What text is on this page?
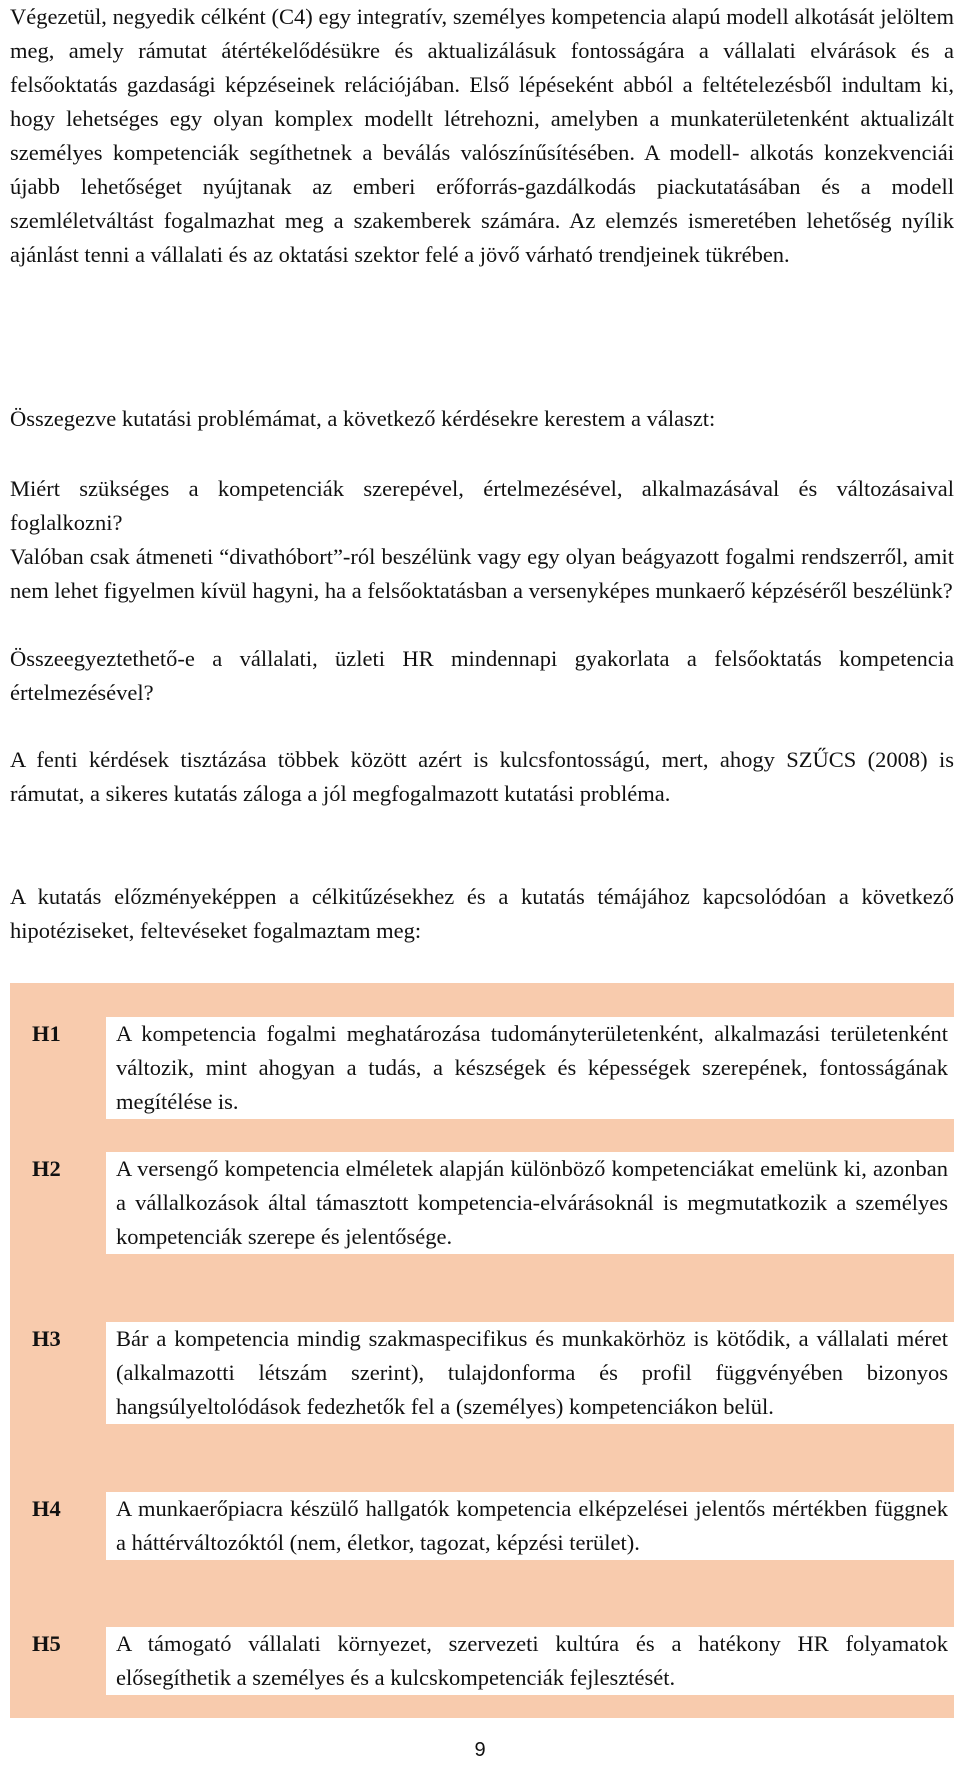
Végezetül, negyedik célként (C4) egy integratív, személyes kompetencia alapú modell alkotását jelöltem meg, amely rámutat átértékelődésükre és aktualizálásuk fontosságára a vállalati elvárások és a felsőoktatás gazdasági képzéseinek relációjában. Első lépéseként abból a feltételezésből indultam ki, hogy lehetséges egy olyan komplex modellt létrehozni, amelyben a munkaterületenként aktualizált személyes kompetenciák segíthetnek a beválás valószínűsítésében. A modell- alkotás konzekvenciái újabb lehetőséget nyújtanak az emberi erőforrás-gazdálkodás piackutatásában és a modell szemléletváltást fogalmazhat meg a szakemberek számára. Az elemzés ismeretében lehetőség nyílik ajánlást tenni a vállalati és az oktatási szektor felé a jövő várható trendjeinek tükrében.

Összegezve kutatási problémámat, a következő kérdésekre kerestem a választ:

Miért szükséges a kompetenciák szerepével, értelmezésével, alkalmazásával és változásaival foglalkozni?

Valóban csak átmeneti “divathóbort”-ról beszélünk vagy egy olyan beágyazott fogalmi rendszerről, amit nem lehet figyelmen kívül hagyni, ha a felsőoktatásban a versenyképes munkaerő képzéséről beszélünk?

Összeegyeztethető-e a vállalati, üzleti HR mindennapi gyakorlata a felsőoktatás kompetencia értelmezésével?

A fenti kérdések tisztázása többek között azért is kulcsfontosságú, mert, ahogy SZŰCS (2008) is rámutat, a sikeres kutatás záloga a jól megfogalmazott kutatási probléma.

A kutatás előzményeképpen a célkitűzésekhez és a kutatás témájához kapcsolódóan a következő hipotéziseket, feltevéseket fogalmaztam meg:

H1	A kompetencia fogalmi meghatározása tudományterületenként, alkalmazási területenként változik, mint ahogyan a tudás, a készségek és képességek szerepének, fontosságának megítélése is.

H2	A versengő kompetencia elméletek alapján különböző kompetenciákat emelünk ki, azonban a vállalkozások által támasztott kompetencia-elvárásoknál is megmutatkozik a személyes kompetenciák szerepe és jelentősége.

H3	Bár a kompetencia mindig szakmaspecifikus és munkakörhöz is kötődik, a vállalati méret (alkalmazotti létszám szerint), tulajdonforma és profil függvényében bizonyos hangsúlyeltolódások fedezhetők fel a (személyes) kompetenciákon belül.

H4	A munkaerőpiacra készülő hallgatók kompetencia elképzelései jelentős mértékben függnek a háttérváltozóktól (nem, életkor, tagozat, képzési terület).

H5	A támogató vállalati környezet, szervezeti kultúra és a hatékony HR folyamatok elősegíthetik a személyes és a kulcskompetenciák fejlesztését.

9
